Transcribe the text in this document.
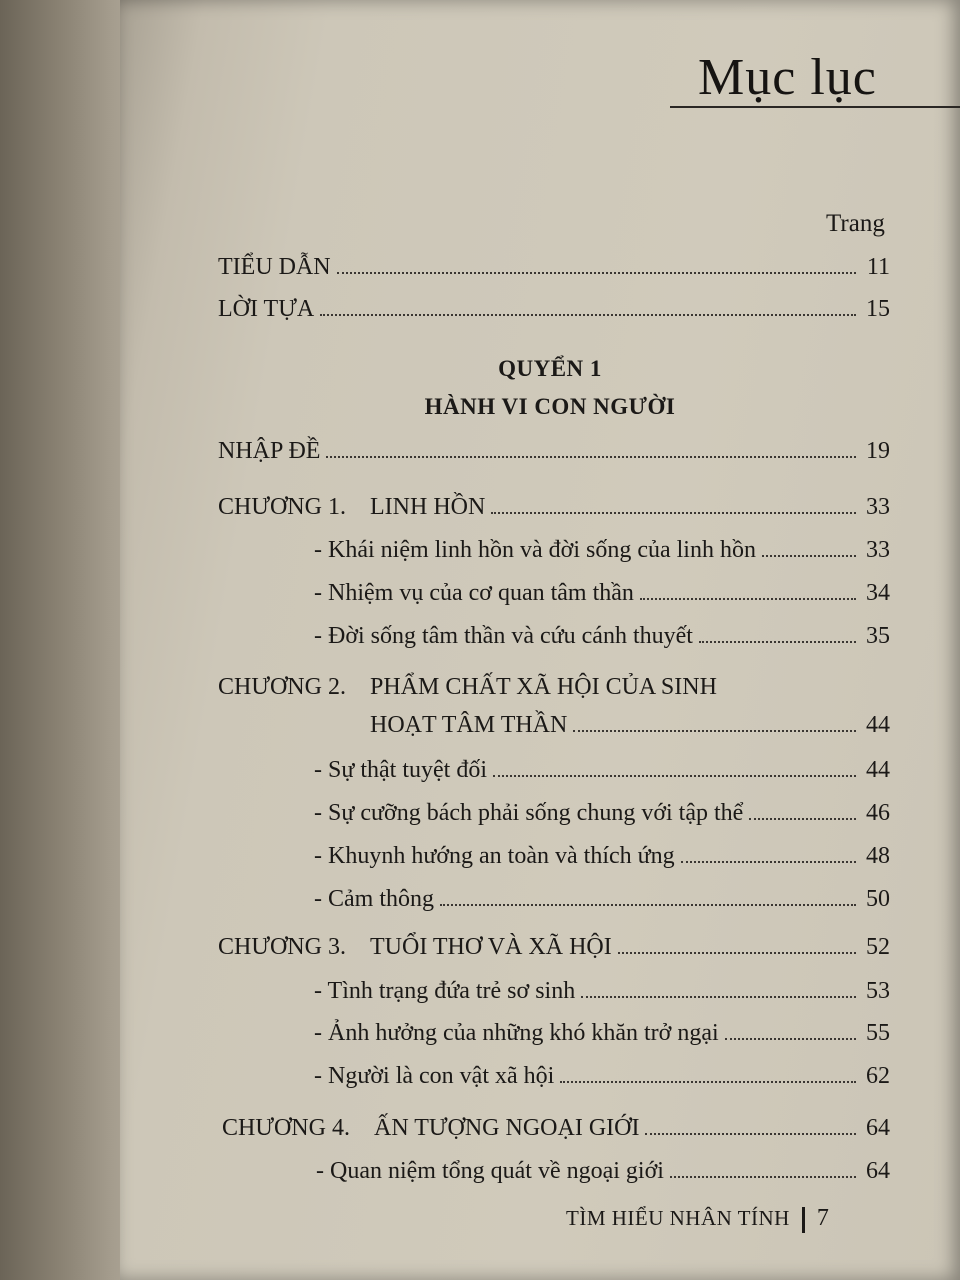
Mục lục
Trang
TIỂU DẪN	11
LỜI TỰA	15
QUYỂN 1
HÀNH VI CON NGƯỜI
NHẬP ĐỀ	19
CHƯƠNG 1. LINH HỒN	33
- Khái niệm linh hồn và đời sống của linh hồn	33
- Nhiệm vụ của cơ quan tâm thần	34
- Đời sống tâm thần và cứu cánh thuyết	35
CHƯƠNG 2. PHẨM CHẤT XÃ HỘI CỦA SINH
HOẠT TÂM THẦN	44
- Sự thật tuyệt đối	44
- Sự cưỡng bách phải sống chung với tập thể	46
- Khuynh hướng an toàn và thích ứng	48
- Cảm thông	50
CHƯƠNG 3. TUỔI THƠ VÀ XÃ HỘI	52
- Tình trạng đứa trẻ sơ sinh	53
- Ảnh hưởng của những khó khăn trở ngại	55
- Người là con vật xã hội	62
CHƯƠNG 4. ẤN TƯỢNG NGOẠI GIỚI	64
- Quan niệm tổng quát về ngoại giới	64
TÌM HIỂU NHÂN TÍNH 7
